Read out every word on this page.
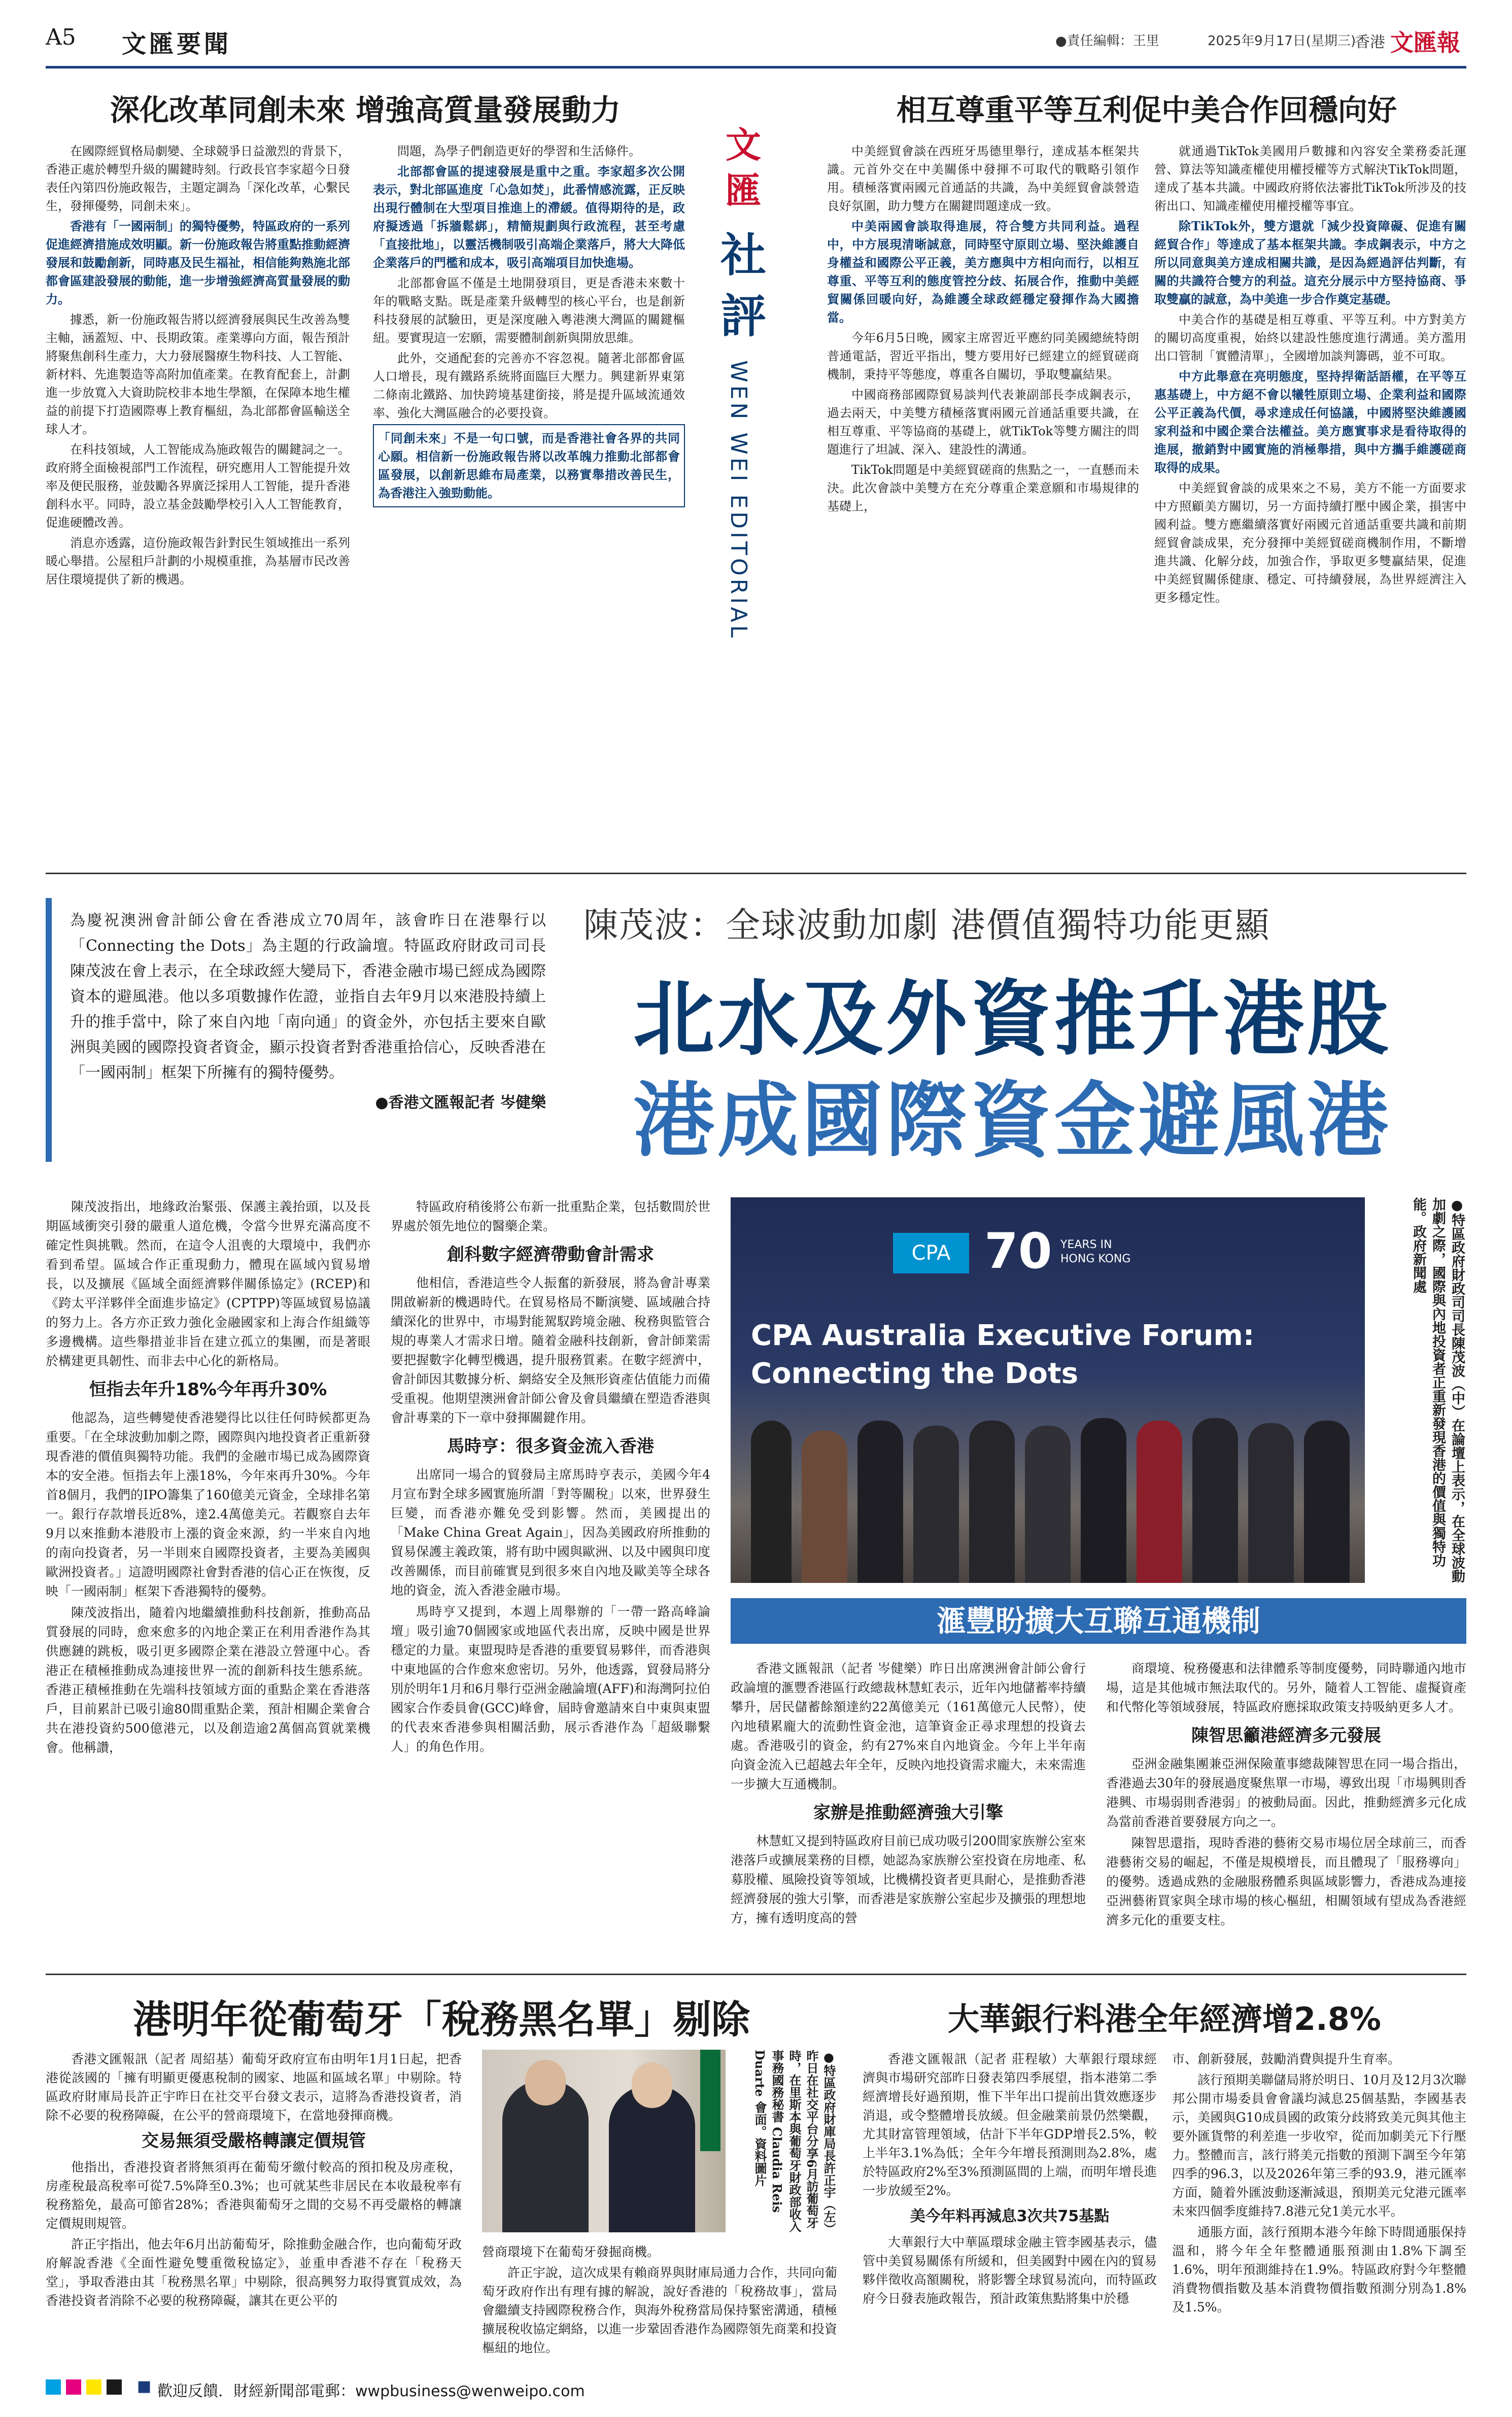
A5 文匯要聞	●責任編輯：王里	2025年9月17日(星期三)
香港 文匯報
深化改革同創未來 增強高質量發展動力

在國際經貿格局劇變、全球競爭日益激烈的背景下，香港正處於轉型升級的關鍵時刻。行政長官李家超今日發表任內第四份施政報告，主題定調為「深化改革，心繫民生，發揮優勢，同創未來」。

香港有「一國兩制」的獨特優勢，特區政府的一系列促進經濟措施成效明顯。新一份施政報告將重點推動經濟發展和鼓勵創新，同時惠及民生福祉，相信能夠熟施北部都會區建設發展的動能，進一步增強經濟高質量發展的動力。

據悉，新一份施政報告將以經濟發展與民生改善為雙主軸，涵蓋短、中、長期政策。產業導向方面，報告預計將聚焦創科生產力，大力發展醫療生物科技、人工智能、新材料、先進製造等高附加值產業。在教育配套上，計劃進一步放寬入大資助院校非本地生學額，在保障本地生權益的前提下打造國際專上教育樞紐，為北部都會區輸送全球人才。

在科技領域，人工智能成為施政報告的關鍵詞之一。政府將全面檢視部門工作流程，研究應用人工智能提升效率及便民服務，並鼓勵各界廣泛採用人工智能，提升香港創科水平。同時，設立基金鼓勵學校引入人工智能教育，促進硬體改善。

消息亦透露，這份施政報告針對民生領域推出一系列暖心舉措。公屋租戶計劃的小規模重推，為基層市民改善居住環境提供了新的機遇。

問題，為學子們創造更好的學習和生活條件。

北部都會區的提速發展是重中之重。李家超多次公開表示，對北部區進度「心急如焚」，此番情感流露，正反映出現行體制在大型項目推進上的滯緩。值得期待的是，政府擬透過「拆牆鬆綁」，精簡規劃與行政流程，甚至考慮「直接批地」，以靈活機制吸引高端企業落戶，將大大降低企業落戶的門檻和成本，吸引高端項目加快進場。

北部都會區不僅是土地開發項目，更是香港未來數十年的戰略支點。既是產業升級轉型的核心平台，也是創新科技發展的試驗田，更是深度融入粵港澳大灣區的關鍵樞紐。要實現這一宏願，需要體制創新與開放思維。

此外，交通配套的完善亦不容忽視。隨著北部都會區人口增長，現有鐵路系統將面臨巨大壓力。興建新界東第二條南北鐵路、加快跨境基建銜接，將是提升區域流通效率、強化大灣區融合的必要投資。

「同創未來」不是一句口號，而是香港社會各界的共同心願。相信新一份施政報告將以改革魄力推動北部都會區發展，以創新思維布局產業，以務實舉措改善民生，為香港注入強勁動能。

文
匯
社
評
WEN WEI EDITORIAL
相互尊重平等互利促中美合作回穩向好

中美經貿會談在西班牙馬德里舉行，達成基本框架共識。元首外交在中美關係中發揮不可取代的戰略引領作用。積極落實兩國元首通話的共識，為中美經貿會談營造良好氛圍，助力雙方在關鍵問題達成一致。

中美兩國會談取得進展，符合雙方共同利益。過程中，中方展現清晰誠意，同時堅守原則立場、堅決維護自身權益和國際公平正義，美方應與中方相向而行，以相互尊重、平等互利的態度管控分歧、拓展合作，推動中美經貿關係回暖向好，為維護全球政經穩定發揮作為大國擔當。

今年6月5日晚，國家主席習近平應約同美國總統特朗普通電話，習近平指出，雙方要用好已經建立的經貿磋商機制，秉持平等態度，尊重各自關切，爭取雙贏結果。

中國商務部國際貿易談判代表兼副部長李成鋼表示，過去兩天，中美雙方積極落實兩國元首通話重要共識，在相互尊重、平等協商的基礎上，就TikTok等雙方關注的問題進行了坦誠、深入、建設性的溝通。

TikTok問題是中美經貿磋商的焦點之一，一直懸而未決。此次會談中美雙方在充分尊重企業意願和市場規律的基礎上，

就通過TikTok美國用戶數據和內容安全業務委託運營、算法等知識產權使用權授權等方式解決TikTok問題，達成了基本共識。中國政府將依法審批TikTok所涉及的技術出口、知識產權使用權授權等事宜。

除TikTok外，雙方還就「減少投資障礙、促進有關經貿合作」等達成了基本框架共識。李成鋼表示，中方之所以同意與美方達成相關共識，是因為經過評估判斷，有關的共識符合雙方的利益。這充分展示中方堅持協商、爭取雙贏的誠意，為中美進一步合作奠定基礎。

中美合作的基礎是相互尊重、平等互利。中方對美方的關切高度重視，始終以建設性態度進行溝通。美方濫用出口管制「實體清單」，全國增加談判籌碼，並不可取。

中方此舉意在亮明態度，堅持捍衛話語權，在平等互惠基礎上，中方絕不會以犧牲原則立場、企業利益和國際公平正義為代價，尋求達成任何協議，中國將堅決維護國家利益和中國企業合法權益。美方應實事求是看待取得的進展，撤銷對中國實施的消極舉措，與中方攜手維護磋商取得的成果。

中美經貿會談的成果來之不易，美方不能一方面要求中方照顧美方關切，另一方面持續打壓中國企業，損害中國利益。雙方應繼續落實好兩國元首通話重要共識和前期經貿會談成果，充分發揮中美經貿磋商機制作用，不斷增進共識、化解分歧，加強合作，爭取更多雙贏結果，促進中美經貿關係健康、穩定、可持續發展，為世界經濟注入更多穩定性。

為慶祝澳洲會計師公會在香港成立70周年，該會昨日在港舉行以「Connecting the Dots」為主題的行政論壇。特區政府財政司司長陳茂波在會上表示，在全球政經大變局下，香港金融市場已經成為國際資本的避風港。他以多項數據作佐證，並指自去年9月以來港股持續上升的推手當中，除了來自內地「南向通」的資金外，亦包括主要來自歐洲與美國的國際投資者資金，顯示投資者對香港重拾信心，反映香港在「一國兩制」框架下所擁有的獨特優勢。
●香港文匯報記者 岑健樂
陳茂波：全球波動加劇 港價值獨特功能更顯
北水及外資推升港股
港成國際資金避風港

陳茂波指出，地緣政治緊張、保護主義抬頭，以及長期區域衝突引發的嚴重人道危機，令當今世界充滿高度不確定性與挑戰。然而，在這令人沮喪的大環境中，我們亦看到希望。區域合作正重現動力，體現在區域內貿易增長，以及擴展《區域全面經濟夥伴關係協定》(RCEP)和《跨太平洋夥伴全面進步協定》(CPTPP)等區域貿易協議的努力上。各方亦正致力強化金融國家和上海合作組織等多邊機構。這些舉措並非旨在建立孤立的集團，而是著眼於構建更具韌性、而非去中心化的新格局。

恒指去年升18%今年再升30%

他認為，這些轉變使香港變得比以往任何時候都更為重要。「在全球波動加劇之際，國際與內地投資者正重新發現香港的價值與獨特功能。我們的金融市場已成為國際資本的安全港。恒指去年上漲18%，今年來再升30%。今年首8個月，我們的IPO籌集了160億美元資金，全球排名第一。銀行存款增長近8%，達2.4萬億美元。若觀察自去年9月以來推動本港股市上漲的資金來源，約一半來自內地的南向投資者，另一半則來自國際投資者，主要為美國與歐洲投資者。」這證明國際社會對香港的信心正在恢復，反映「一國兩制」框架下香港獨特的優勢。

陳茂波指出，隨着內地繼續推動科技創新，推動高品質發展的同時，愈來愈多的內地企業正在利用香港作為其供應鏈的跳板，吸引更多國際企業在港設立營運中心。香港正在積極推動成為連接世界一流的創新科技生態系統。香港正積極推動在先端科技領域方面的重點企業在香港落戶，目前累計已吸引逾80間重點企業，預計相關企業會合共在港投資約500億港元，以及創造逾2萬個高質就業機會。他稱讚，

特區政府稍後將公布新一批重點企業，包括數間於世界處於領先地位的醫藥企業。

創科數字經濟帶動會計需求

他相信，香港這些令人振奮的新發展，將為會計專業開啟嶄新的機遇時代。在貿易格局不斷演變、區域融合持續深化的世界中，市場對能駕馭跨境金融、稅務與監管合規的專業人才需求日增。隨着金融科技創新，會計師業需要把握數字化轉型機遇，提升服務質素。在數字經濟中，會計師因其數據分析、網絡安全及無形資產估值能力而備受重視。他期望澳洲會計師公會及會員繼續在塑造香港與會計專業的下一章中發揮關鍵作用。

馬時亨：很多資金流入香港

出席同一場合的貿發局主席馬時亨表示，美國今年4月宣布對全球多國實施所謂「對等關稅」以來，世界發生巨變，而香港亦難免受到影響。然而，美國提出的「Make China Great Again」，因為美國政府所推動的貿易保護主義政策，將有助中國與歐洲、以及中國與印度改善關係，而目前確實見到很多來自內地及歐美等全球各地的資金，流入香港金融市場。

馬時亨又提到，本週上周舉辦的「一帶一路高峰論壇」吸引逾70個國家或地區代表出席，反映中國是世界穩定的力量。東盟現時是香港的重要貿易夥伴，而香港與中東地區的合作愈來愈密切。另外，他透露，貿發局將分別於明年1月和6月舉行亞洲金融論壇(AFF)和海灣阿拉伯國家合作委員會(GCC)峰會，屆時會邀請來自中東與東盟的代表來香港參與相關活動，展示香港作為「超級聯繫人」的角色作用。

CPA 70 YEARS IN HONG KONG
CPA Australia Executive Forum:
Connecting the Dots	●特區政府財政司司長陳茂波（中）在論壇上表示，在全球波動加劇之際，國際與內地投資者正重新發現香港的價值與獨特功能。政府新聞處
滙豐盼擴大互聯互通機制

香港文匯報訊（記者 岑健樂）昨日出席澳洲會計師公會行政論壇的滙豐香港區行政總裁林慧虹表示，近年內地儲蓄率持續攀升，居民儲蓄餘額達約22萬億美元（161萬億元人民幣），使內地積累龐大的流動性資金池，這筆資金正尋求理想的投資去處。香港吸引的資金，約有27%來自內地資金。今年上半年南向資金流入已超越去年全年，反映內地投資需求龐大，未來需進一步擴大互通機制。

家辦是推動經濟強大引擎

林慧虹又提到特區政府目前已成功吸引200間家族辦公室來港落戶或擴展業務的目標，她認為家族辦公室投資在房地產、私募股權、風險投資等領域，比機構投資者更具耐心，是推動香港經濟發展的強大引擎，而香港是家族辦公室起步及擴張的理想地方，擁有透明度高的營

商環境、稅務優惠和法律體系等制度優勢，同時聯通內地市場，這是其他城市無法取代的。另外，隨着人工智能、虛擬資產和代幣化等領域發展，特區政府應採取政策支持吸納更多人才。

陳智思籲港經濟多元發展

亞洲金融集團兼亞洲保險董事總裁陳智思在同一場合指出，香港過去30年的發展過度聚焦單一市場，導致出現「市場興則香港興、市場弱則香港弱」的被動局面。因此，推動經濟多元化成為當前香港首要發展方向之一。

陳智思還指，現時香港的藝術交易市場位居全球前三，而香港藝術交易的崛起，不僅是規模增長，而且體現了「服務導向」的優勢。透過成熟的金融服務體系與區域影響力，香港成為連接亞洲藝術買家與全球市場的核心樞紐，相關領域有望成為香港經濟多元化的重要支柱。

港明年從葡萄牙「稅務黑名單」剔除

香港文匯報訊（記者 周紹基）葡萄牙政府宣布由明年1月1日起，把香港從該國的「擁有明顯更優惠稅制的國家、地區和區域名單」中剔除。特區政府財庫局長許正宇昨日在社交平台發文表示，這將為香港投資者，消除不必要的稅務障礙，在公平的營商環境下，在當地發揮商機。

交易無須受嚴格轉讓定價規管

他指出，香港投資者將無須再在葡萄牙繳付較高的預扣稅及房產稅，房產稅最高稅率可從7.5%降至0.3%；也可就某些非居民在本收最稅率有稅務豁免，最高可節省28%；香港與葡萄牙之間的交易不再受嚴格的轉讓定價規則規管。

許正宇指出，他去年6月出訪葡萄牙，除推動金融合作，也向葡萄牙政府解說香港《全面性避免雙重徵稅協定》，並重申香港不存在「稅務天堂」，爭取香港由其「稅務黑名單」中剔除，很高興努力取得實質成效，為香港投資者消除不必要的稅務障礙，讓其在更公平的

●特區政府財庫局長許正宇（左）昨日在社交平台分享6月訪葡萄牙時，在里斯本與葡萄牙財政部收入事務國務秘書 Claudia Reis Duarte 會面。資料圖片

營商環境下在葡萄牙發掘商機。

許正宇說，這次成果有賴商界與財庫局通力合作，共同向葡萄牙政府作出有理有據的解說，說好香港的「稅務故事」，當局會繼續支持國際稅務合作，與海外稅務當局保持緊密溝通，積極擴展稅收協定網絡，以進一步鞏固香港作為國際領先商業和投資樞紐的地位。

大華銀行料港全年經濟增2.8%

香港文匯報訊（記者 莊程敏）大華銀行環球經濟與市場研究部昨日發表第四季展望，指本港第二季經濟增長好過預期，惟下半年出口提前出貨效應逐步消退，或令整體增長放緩。但金融業前景仍然樂觀，尤其財富管理領域，估計下半年GDP增長2.5%，較上半年3.1%為低；全年今年增長預測則為2.8%，處於特區政府2%至3%預測區間的上端，而明年增長進一步放緩至2%。

美今年料再減息3次共75基點

大華銀行大中華區環球金融主管李國基表示，儘管中美貿易關係有所緩和，但美國對中國在內的貿易夥伴徵收高額關稅，將影響全球貿易流向，而特區政府今日發表施政報告，預計政策焦點將集中於穩

市、創新發展，鼓勵消費與提升生育率。

該行預期美聯儲局將於明日、10月及12月3次聯邦公開市場委員會會議均減息25個基點，李國基表示，美國與G10成員國的政策分歧將致美元與其他主要外匯貨幣的利差進一步收窄，從而加劇美元下行壓力。整體而言，該行將美元指數的預測下調至今年第四季的96.3，以及2026年第三季的93.9，港元匯率方面，隨着外匯波動逐漸減退，預期美元兌港元匯率未來四個季度維持7.8港元兌1美元水平。

通脹方面，該行預期本港今年餘下時間通脹保持溫和，將今年全年整體通脹預測由1.8%下調至1.6%，明年預測維持在1.9%。特區政府對今年整體消費物價指數及基本消費物價指數預測分別為1.8%及1.5%。

■ 歡迎反饋．財經新聞部電郵：wwpbusiness@wenweipo.com
